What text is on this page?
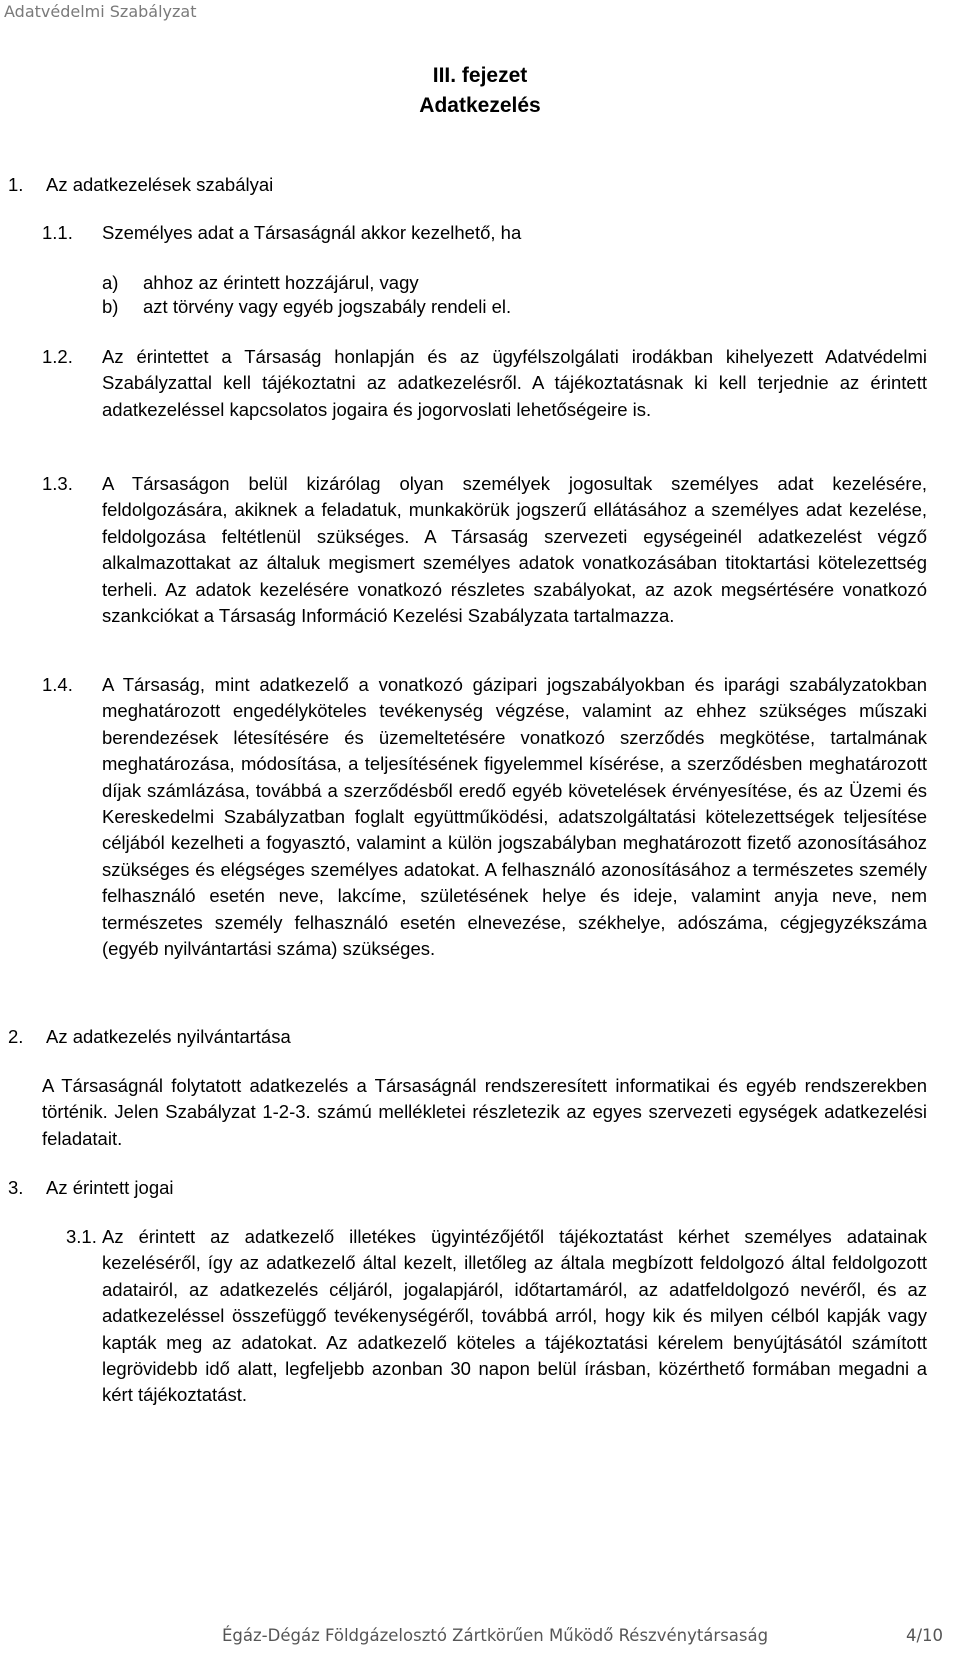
Adatvédelmi Szabályzat
III. fejezet
Adatkezelés
1. Az adatkezelések szabályai
1.1. Személyes adat a Társaságnál akkor kezelhető, ha
a) ahhoz az érintett hozzájárul, vagy
b) azt törvény vagy egyéb jogszabály rendeli el.
1.2. Az érintettet a Társaság honlapján és az ügyfélszolgálati irodákban kihelyezett Adatvédelmi Szabályzattal kell tájékoztatni az adatkezelésről. A tájékoztatásnak ki kell terjednie az érintett adatkezeléssel kapcsolatos jogaira és jogorvoslati lehetőségeire is.
1.3. A Társaságon belül kizárólag olyan személyek jogosultak személyes adat kezelésére, feldolgozására, akiknek a feladatuk, munkakörük jogszerű ellátásához a személyes adat kezelése, feldolgozása feltétlenül szükséges. A Társaság szervezeti egységeinél adatkezelést végző alkalmazottakat az általuk megismert személyes adatok vonatkozásában titoktartási kötelezettség terheli. Az adatok kezelésére vonatkozó részletes szabályokat, az azok megsértésére vonatkozó szankciókat a Társaság Információ Kezelési Szabályzata tartalmazza.
1.4. A Társaság, mint adatkezelő a vonatkozó gázipari jogszabályokban és iparági szabályzatokban meghatározott engedélyköteles tevékenység végzése, valamint az ehhez szükséges műszaki berendezések létesítésére és üzemeltetésére vonatkozó szerződés megkötése, tartalmának meghatározása, módosítása, a teljesítésének figyelemmel kísérése, a szerződésben meghatározott díjak számlázása, továbbá a szerződésből eredő egyéb követelések érvényesítése, és az Üzemi és Kereskedelmi Szabályzatban foglalt együttműködési, adatszolgáltatási kötelezettségek teljesítése céljából kezelheti a fogyasztó, valamint a külön jogszabályban meghatározott fizető azonosításához szükséges és elégséges személyes adatokat. A felhasználó azonosításához a természetes személy felhasználó esetén neve, lakcíme, születésének helye és ideje, valamint anyja neve, nem természetes személy felhasználó esetén elnevezése, székhelye, adószáma, cégjegyzékszáma (egyéb nyilvántartási száma) szükséges.
2. Az adatkezelés nyilvántartása
A Társaságnál folytatott adatkezelés a Társaságnál rendszeresített informatikai és egyéb rendszerekben történik. Jelen Szabályzat 1-2-3. számú mellékletei részletezik az egyes szervezeti egységek adatkezelési feladatait.
3. Az érintett jogai
3.1. Az érintett az adatkezelő illetékes ügyintézőjétől tájékoztatást kérhet személyes adatainak kezeléséről, így az adatkezelő által kezelt, illetőleg az általa megbízott feldolgozó által feldolgozott adatairól, az adatkezelés céljáról, jogalapjáról, időtartamáról, az adatfeldolgozó nevéről, és az adatkezeléssel összefüggő tevékenységéről, továbbá arról, hogy kik és milyen célból kapják vagy kapták meg az adatokat. Az adatkezelő köteles a tájékoztatási kérelem benyújtásától számított legrövidebb idő alatt, legfeljebb azonban 30 napon belül írásban, közérthető formában megadni a kért tájékoztatást.
Égáz-Dégáz Földgázelosztó Zártkörűen Működő Részvénytársaság	4/10
